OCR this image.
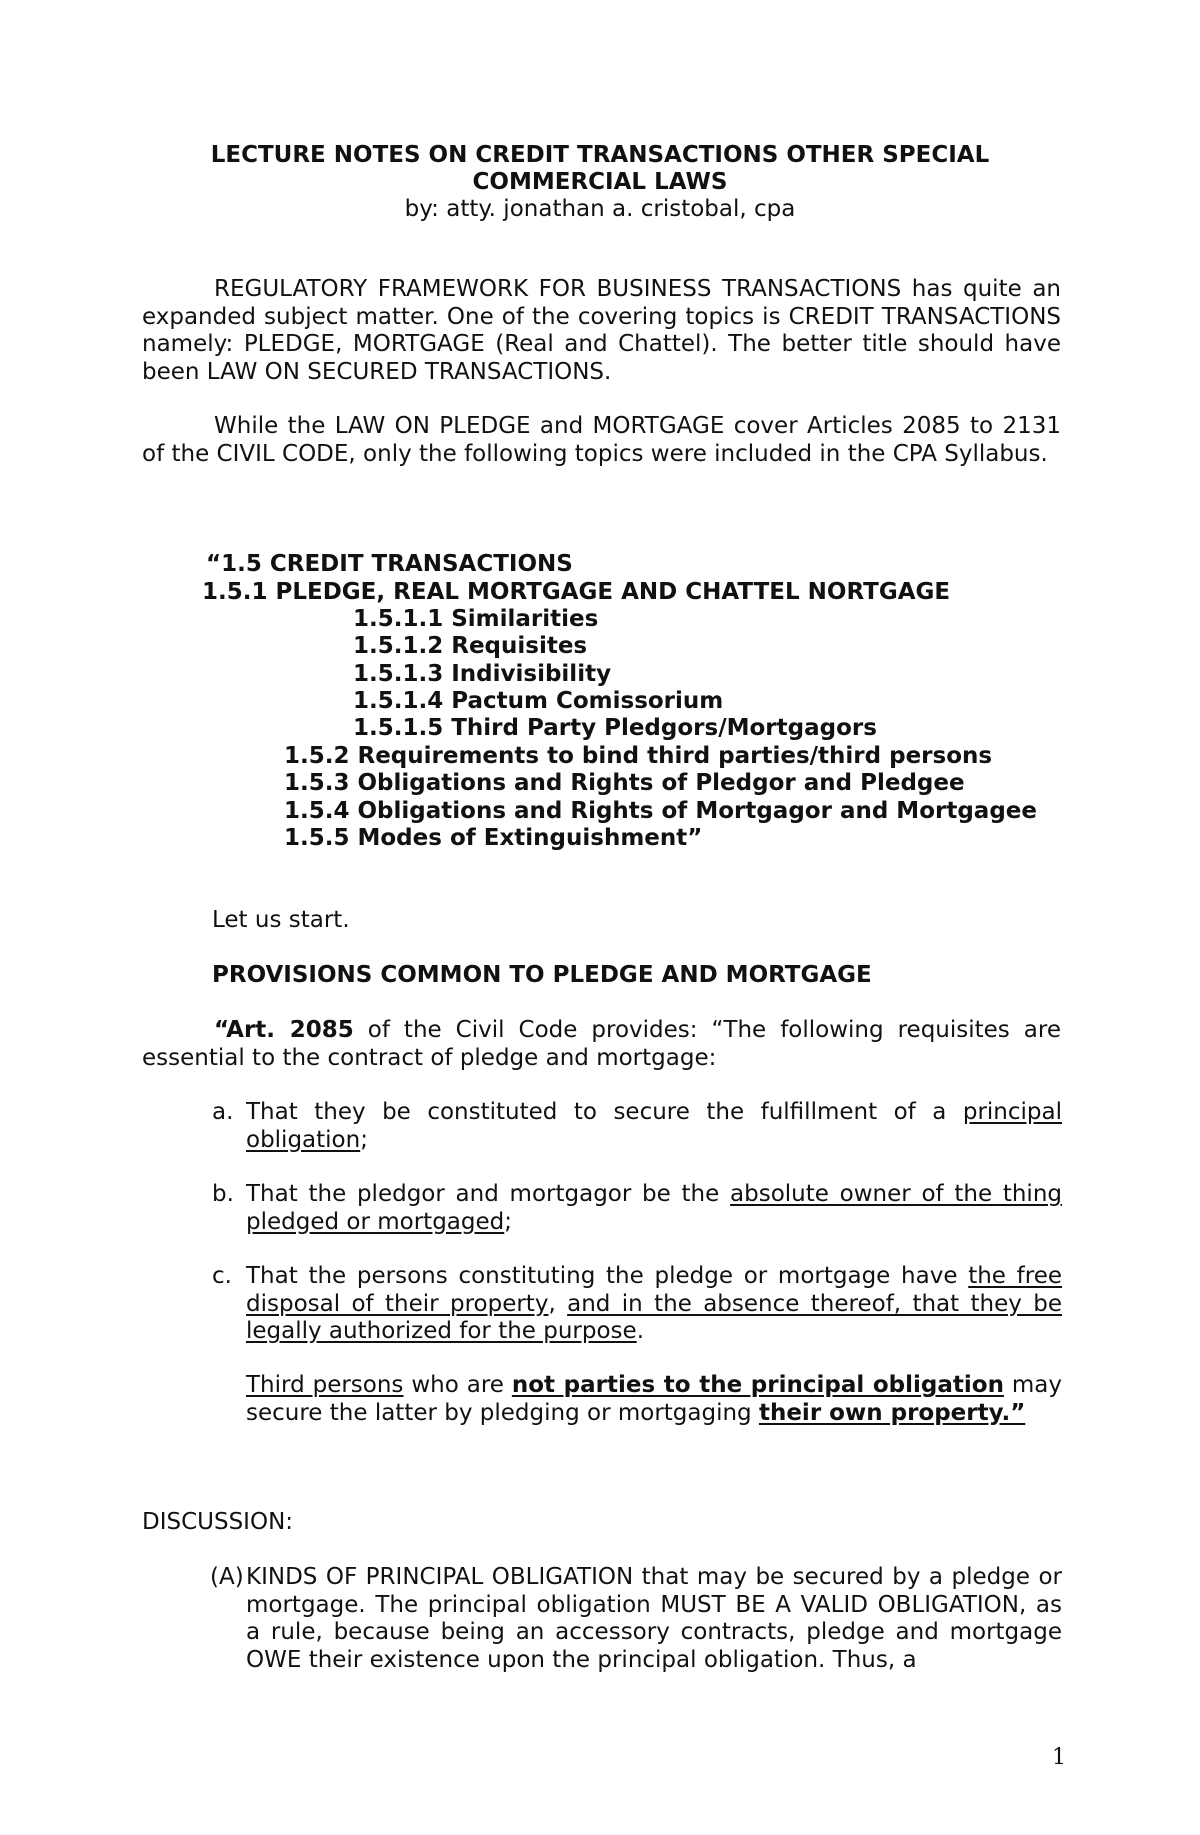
LECTURE NOTES ON CREDIT TRANSACTIONS OTHER SPECIAL
COMMERCIAL LAWS
by: atty. jonathan a. cristobal, cpa
REGULATORY FRAMEWORK FOR BUSINESS TRANSACTIONS has quite an expanded subject matter. One of the covering topics is CREDIT TRANSACTIONS namely: PLEDGE, MORTGAGE (Real and Chattel). The better title should have been LAW ON SECURED TRANSACTIONS.
While the LAW ON PLEDGE and MORTGAGE cover Articles 2085 to 2131 of the CIVIL CODE, only the following topics were included in the CPA Syllabus.
“1.5 CREDIT TRANSACTIONS
1.5.1 PLEDGE, REAL MORTGAGE AND CHATTEL NORTGAGE
1.5.1.1 Similarities
1.5.1.2 Requisites
1.5.1.3 Indivisibility
1.5.1.4 Pactum Comissorium
1.5.1.5 Third Party Pledgors/Mortgagors
1.5.2 Requirements to bind third parties/third persons
1.5.3 Obligations and Rights of Pledgor and Pledgee
1.5.4 Obligations and Rights of Mortgagor and Mortgagee
1.5.5 Modes of Extinguishment”
Let us start.
PROVISIONS COMMON TO PLEDGE AND MORTGAGE
“Art. 2085 of the Civil Code provides: “The following requisites are essential to the contract of pledge and mortgage:
a. That they be constituted to secure the fulfillment of a principal obligation;
b. That the pledgor and mortgagor be the absolute owner of the thing pledged or mortgaged;
c. That the persons constituting the pledge or mortgage have the free disposal of their property, and in the absence thereof, that they be legally authorized for the purpose.
Third persons who are not parties to the principal obligation may secure the latter by pledging or mortgaging their own property.”
DISCUSSION:
(A) KINDS OF PRINCIPAL OBLIGATION that may be secured by a pledge or mortgage. The principal obligation MUST BE A VALID OBLIGATION, as a rule, because being an accessory contracts, pledge and mortgage OWE their existence upon the principal obligation. Thus, a
1
